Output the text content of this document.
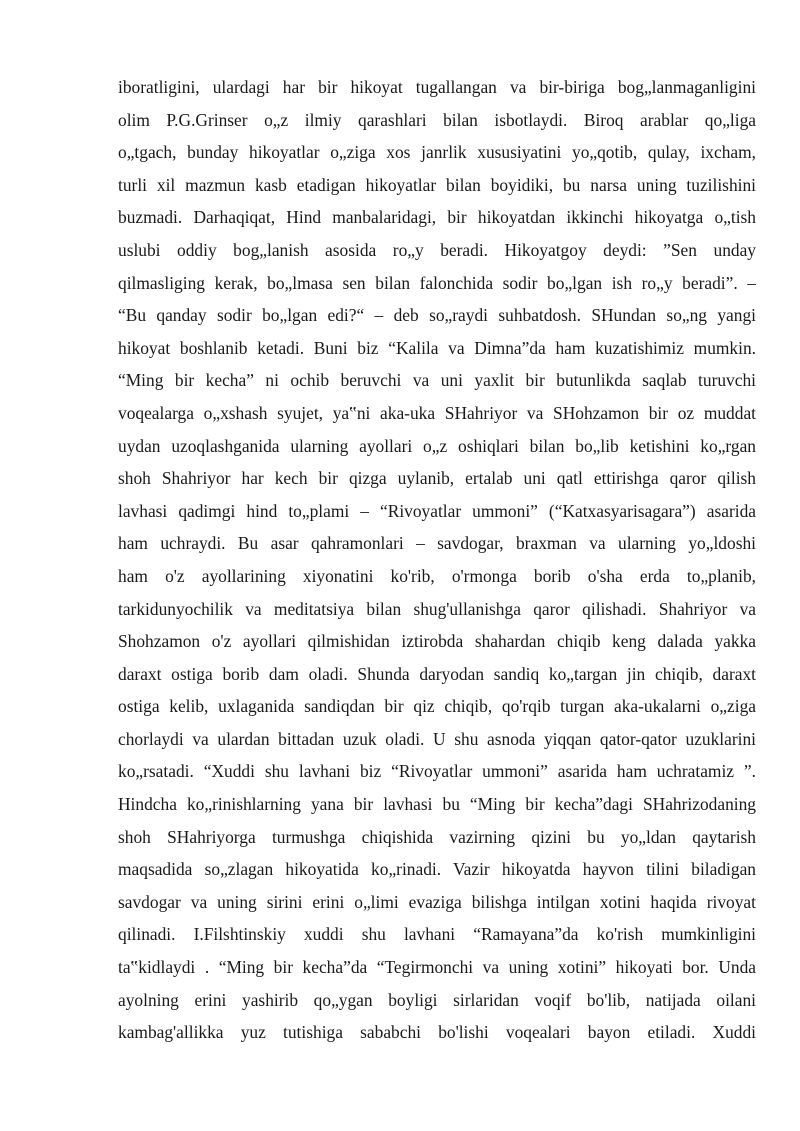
iboratligini, ulardagi har bir hikoyat tugallangan va bir-biriga bog„lanmaganligini
olim P.G.Grinser o„z ilmiy qarashlari bilan isbotlaydi. Biroq arablar qo„liga
o„tgach, bunday hikoyatlar o„ziga xos janrlik xususiyatini yo„qotib, qulay, ixcham,
turli xil mazmun kasb etadigan hikoyatlar bilan boyidiki, bu narsa uning tuzilishini
buzmadi. Darhaqiqat, Hind manbalaridagi, bir hikoyatdan ikkinchi hikoyatga o„tish
uslubi oddiy bog„lanish asosida ro„y beradi. Hikoyatgoy deydi: ”Sen unday
qilmasliging kerak, bo„lmasa sen bilan falonchida sodir bo„lgan ish ro„y beradi”. –
“Bu qanday sodir bo„lgan edi?“ – deb so„raydi suhbatdosh. SHundan so„ng yangi
hikoyat boshlanib ketadi. Buni biz “Kalila va Dimna”da ham kuzatishimiz mumkin.
“Ming bir kecha” ni ochib beruvchi va uni yaxlit bir butunlikda saqlab turuvchi
voqealarga o„xshash syujet, ya‟ni aka-uka SHahriyor va SHohzamon bir oz muddat
uydan uzoqlashganida ularning ayollari o„z oshiqlari bilan bo„lib ketishini ko„rgan
shoh Shahriyor har kech bir qizga uylanib, ertalab uni qatl ettirishga qaror qilish
lavhasi qadimgi hind to„plami – “Rivoyatlar ummoni” (“Katxasyarisagara”) asarida
ham uchraydi. Bu asar qahramonlari – savdogar, braxman va ularning yo„ldoshi
ham o'z ayollarining xiyonatini ko'rib, o'rmonga borib o'sha erda to„planib,
tarkidunyochilik va meditatsiya bilan shug'ullanishga qaror qilishadi. Shahriyor va
Shohzamon o'z ayollari qilmishidan iztirobda shahardan chiqib keng dalada yakka
daraxt ostiga borib dam oladi. Shunda daryodan sandiq ko„targan jin chiqib, daraxt
ostiga kelib, uxlaganida sandiqdan bir qiz chiqib, qo'rqib turgan aka-ukalarni o„ziga
chorlaydi va ulardan bittadan uzuk oladi. U shu asnoda yiqqan qator-qator uzuklarini
ko„rsatadi. “Xuddi shu lavhani biz “Rivoyatlar ummoni” asarida ham uchratamiz ”.
Hindcha ko„rinishlarning yana bir lavhasi bu “Ming bir kecha”dagi SHahrizodaning
shoh SHahriyorga turmushga chiqishida vazirning qizini bu yo„ldan qaytarish
maqsadida so„zlagan hikoyatida ko„rinadi. Vazir hikoyatda hayvon tilini biladigan
savdogar va uning sirini erini o„limi evaziga bilishga intilgan xotini haqida rivoyat
qilinadi. I.Filshtinskiy xuddi shu lavhani “Ramayana”da ko'rish mumkinligini
ta‟kidlaydi . “Ming bir kecha”da “Tegirmonchi va uning xotini” hikoyati bor. Unda
ayolning erini yashirib qo„ygan boyligi sirlaridan voqif bo'lib, natijada oilani
kambag'allikka yuz tutishiga sababchi bo'lishi voqealari bayon etiladi. Xuddi
